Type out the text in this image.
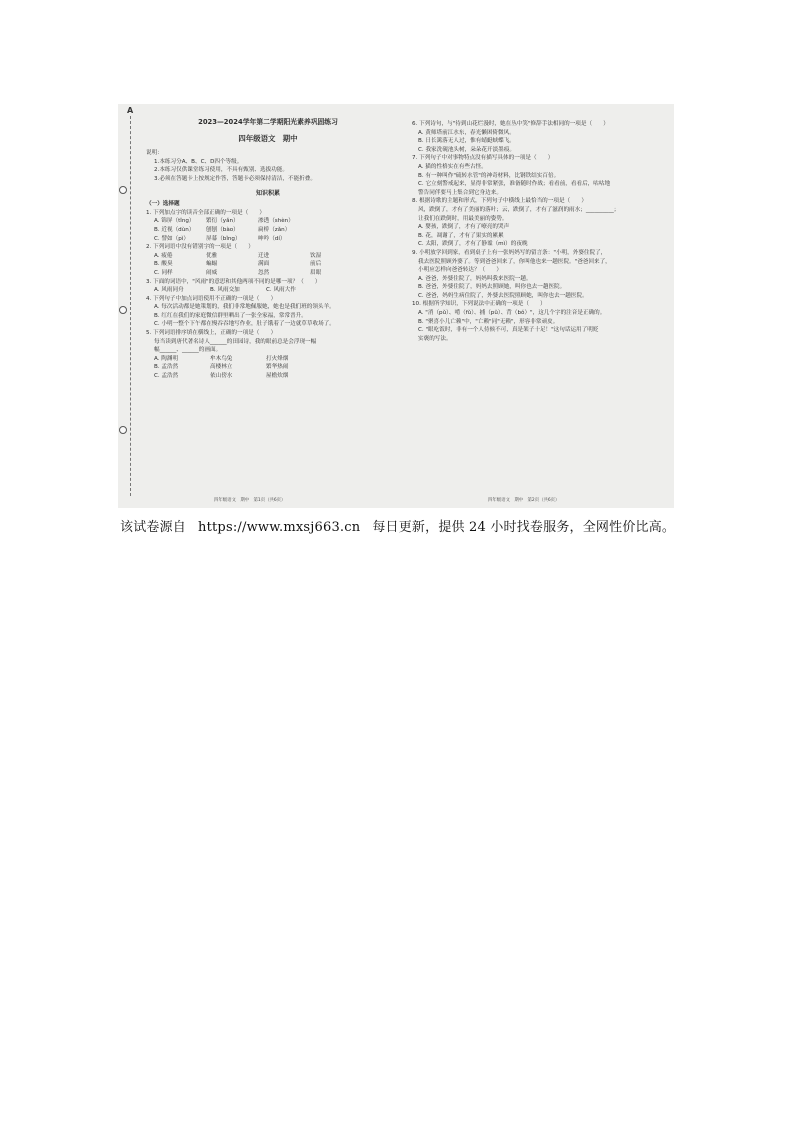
A
2023—2024学年第二学期阳光素养巩固练习
四年级语文　期中
说明：
1.本练习分A、B、C、D四个等级。
2.本练习仅供课堂练习使用，不具有甄别、选拔功能。
3.必须在答题卡上按规定作答，答题卡必须保持清洁，不能折叠。
知识积累
（一）选择题
1. 下列加点字的读音全部正确的一项是（　　）
A. 锦屏（tǐng）	繁衍（yǎn）	渗透（shèn）
B. 近视（dùn）	刨刨（bào）	扁桥（zǎn）
C. 譬如（pì）	屏幕（bǐng）	呻吟（dí）
2. 下列词语中没有错别字的一项是（　　）
A. 疲倦	优雅	迁进	饮湿
B. 酸臭	蝙蝠	满面	前后
C. 同样	闹威	忽然	眉眼
3. 下面的词语中，"风雨"的意思和其他两项不同的是哪一项？（　　）
A. 风雨同舟	B. 风雨交加	C. 风雨大作
4. 下列句子中加点词语使用不正确的一项是（　　）
A. 每次活动都是她策划的，我们非常地佩服她，她也是我们班的领头羊。
B. 红红在我们的家庭微信群里晒出了一张全家福，常常晋升。
C. 小明一整个下午都在慢吞吞地写作业，肚子饿着了一边就草草收场了。
5. 下列词语排序填在横线上，正确的一项是（　　）
每当读到唐代著名诗人______的田园诗，我的眼前总是会浮现一幅
幅______、______的画面。
A. 陶渊明	牟木鸟兔	打火烽烟
B. 孟浩然	高楼林立	繁华热闹
C. 孟浩然	依山傍水	屋檐炊烟
四年级语文　期中　第1页（共6页）
6. 下列诗句，与"待到山花烂漫时，她在丛中笑"修辞手法相同的一项是（　　）
A. 黄师塔前江水东，春光懒困倚微风。
B. 日长篱落无人过，惟有蜻蜓蛱蝶飞。
C. 我家洗砚池头树，朵朵花开淡墨痕。
7. 下列句子中对事物特点没有描写具体的一项是（　　）
A. 猫的性格实在有些古怪。
B. 有一种叫作"硫转水管"的神奇材料，比钢铁结实百倍。
C. 它立刻警戒起来，显得非常紧张，准备随时作战；看看前，看看后，咕咕地
警告同伴要马上集合到它身边来。
8. 根据诗歌的主题和形式，下列句子中横线上最恰当的一项是（　　）
风，跌倒了，才有了美丽的落叶；云，跌倒了，才有了滋润的雨水；__________；
让我们在跌倒时，用最美丽的姿势。
A. 婴孩，跌倒了，才有了嘹亮的哭声
B. 花，凋谢了，才有了果实的累累
C. 太阳，跌倒了，才有了静谧（mì）的夜晚
9. 小明放学回到家，看到桌子上有一张妈妈写的留言条："小明，外婆住院了，
我去医院照顾外婆了。等到爸爸回来了，你叫他也来一趟医院。"爸爸回来了，
小明应怎样向爸爸转达？（　　）
A. 爸爸，外婆住院了，妈妈叫我来医院一趟。
B. 爸爸，外婆住院了，妈妈去照顾她，叫你也去一趟医院。
C. 爸爸，妈妈生病住院了，外婆去医院照顾她，叫你也去一趟医院。
10. 根据所学知识，下列说法中正确的一项是（　　）
A. "消（pǔ）、啃（fǔ）、捕（pǔ）、背（bǒ）"，这几个字的注音是正确的。
B. "聚喜小儿亡赖"中，"亡赖"同"无赖"，形容非常顽皮。
C. "眼吃饭时，非有一个人侍候不可，真是架子十足！"这句话运用了明贬
实褒的写法。
四年级语文　期中　第2页（共6页）
该试卷源自 https://www.mxsj663.cn 每日更新，提供 24 小时找卷服务，全网性价比高。
